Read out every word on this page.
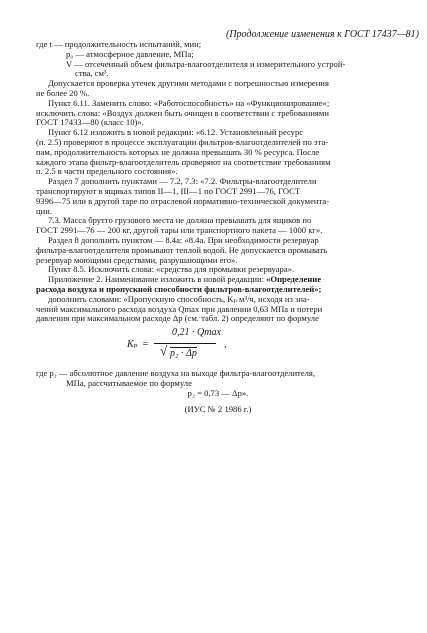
(Продолжение изменения к ГОСТ 17437—81)
где t — продолжительность испытаний, мин;
p₀ — атмосферное давление, МПа;
V — отсеченный объем фильтра-влагоотделителя и измерительного устрой-
ства, см³.
Допускается проверка утечек другими методами с погрешностью измерения
не более 20 %.
Пункт 6.11. Заменить слово: «Работоспособность» на «Функционирование»;
исключить слова: «Воздух должен быть очищен в соответствии с требованиями
ГОСТ 17433—80 (класс 10)».
Пункт 6.12 изложить в новой редакции: «6.12. Установленный ресурс
(п. 2.5) проверяют в процессе эксплуатации фильтров-влагоотделителей по эта-
пам, продолжительность которых не должна превышать 30 % ресурса. После
каждого этапа фильтр-влагоотделитель проверяют на соответствие требованиям
п. 2.5 в части предельного состояния».
Раздел 7 дополнить пунктами — 7.2, 7.3: «7.2. Фильтры-влагоотделители
транспортируют в ящиках типов II—1, III—1 по ГОСТ 2991—76, ГОСТ
9396—75 или в другой таре по отраслевой нормативно-технической документа-
ции.
7.3. Масса брутто грузового места не должна превышать для ящиков по
ГОСТ 2991—76 — 200 кг, другой тары или транспортного пакета — 1000 кг».
Раздел 8 дополнить пунктом — 8.4а: «8.4а. При необходимости резервуар
фильтра-влагоотделителя промывают теплой водой. Не допускается промывать
резервуар моющими средствами, разрушающими его».
Пункт 8.5. Исключить слова: «средства для промывки резервуара».
Приложение 2. Наименование изложить в новой редакции: «Определение
расхода воздуха и пропускной способности фильтров-влагоотделителей»;
дополнить словами: «Пропускную способность, Kₚ м³/ч, исходя из зна-
чений максимального расхода воздуха Qmax при давлении 0,63 МПа и потери
давления при максимальном расходе Δp (см. табл. 2) определяют по формуле
Kₚ =
0,21 · Qmax
√ p₂ · Δp
,
где p₂ — абсолютное давление воздуха на выходе фильтра-влагоотделителя,
МПа, рассчитываемое по формуле
p₂ = 0,73 — Δp».
(ИУС № 2 1986 г.)
